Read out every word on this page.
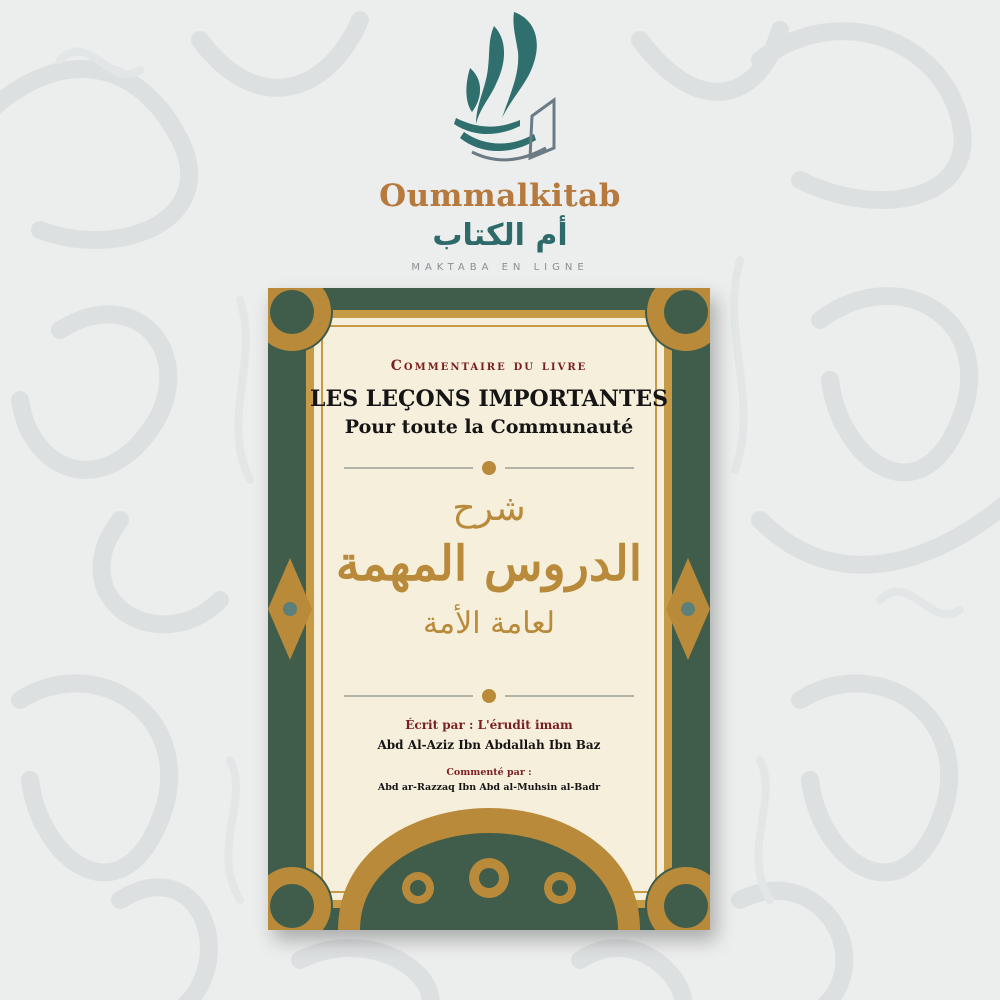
Oummalkitab
أم الكتاب
MAKTABA EN LIGNE
Commentaire du livre
LES LEÇONS IMPORTANTES
Pour toute la Communauté
شرح
الدروس المهمة
لعامة الأمة
Écrit par : L'érudit imam
Abd Al-Aziz Ibn Abdallah Ibn Baz
Commenté par :
Abd ar-Razzaq Ibn Abd al-Muhsin al-Badr
